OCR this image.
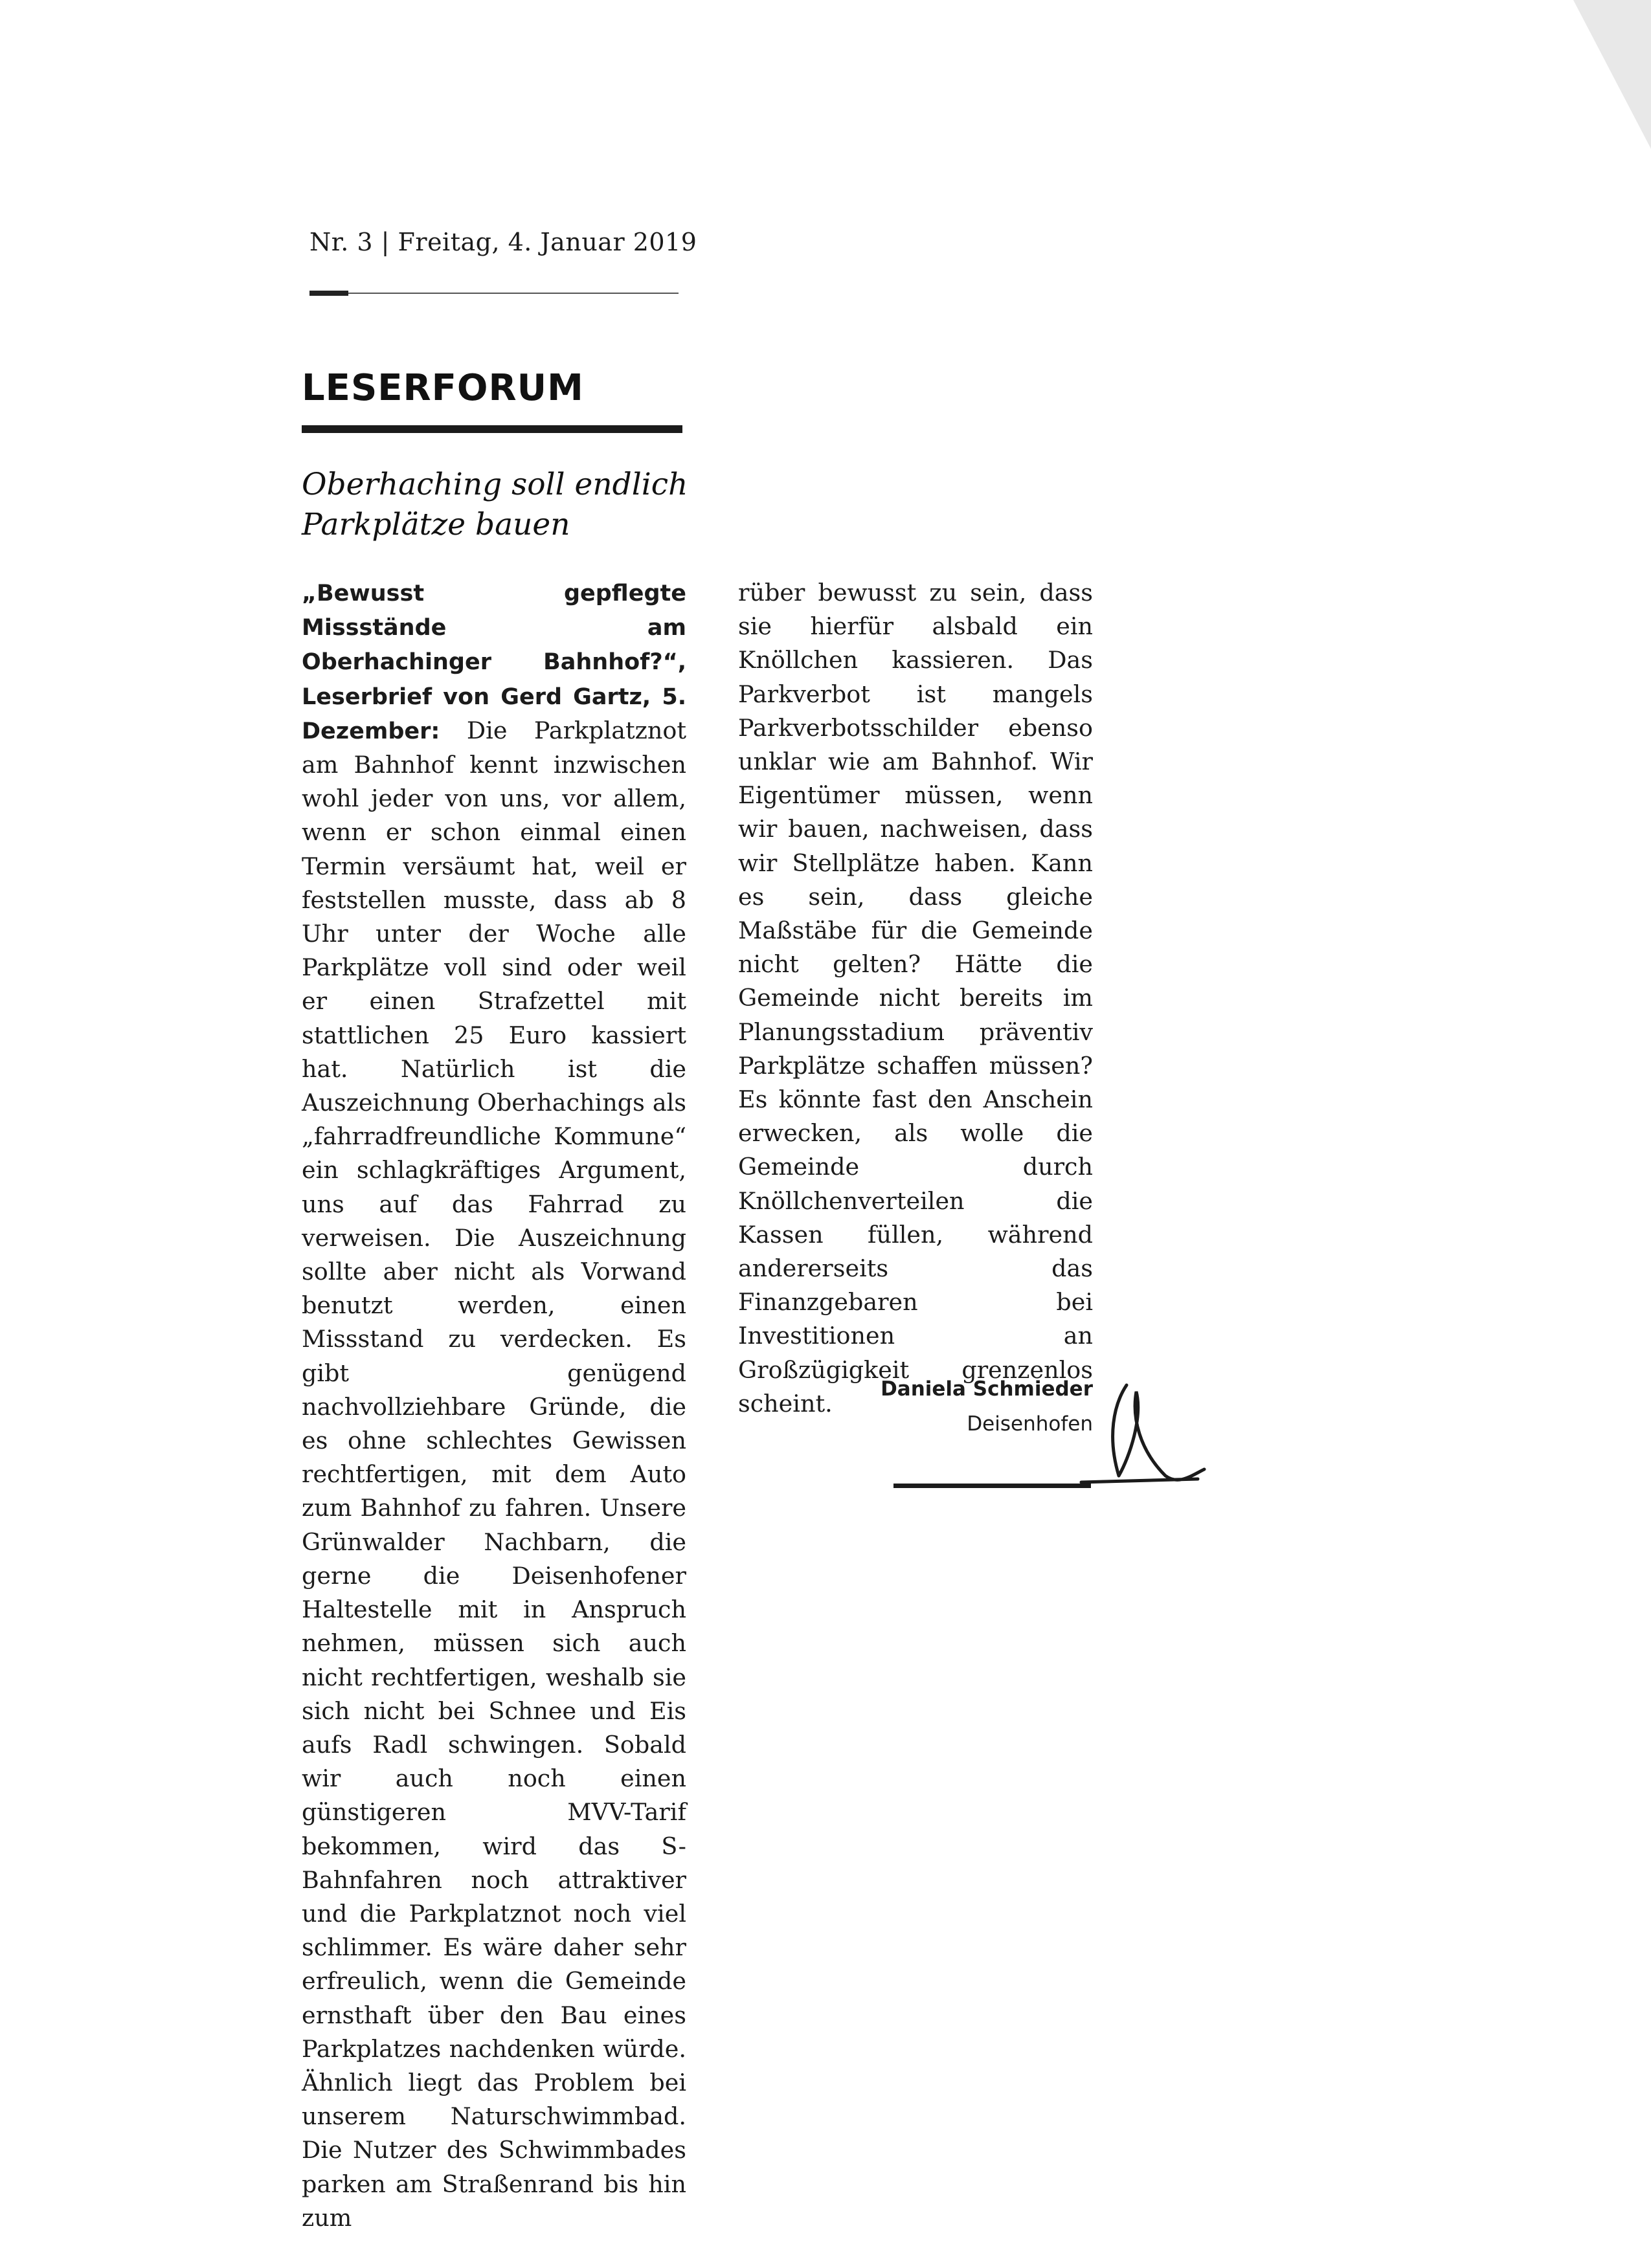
Nr. 3 | Freitag, 4. Januar 2019
LESERFORUM
Oberhaching soll endlich Parkplätze bauen
„Bewusst gepflegte Missstände am Oberhachinger Bahnhof?“, Leserbrief von Gerd Gartz, 5. Dezember: Die Parkplatznot am Bahnhof kennt inzwischen wohl jeder von uns, vor allem, wenn er schon einmal einen Termin versäumt hat, weil er feststellen musste, dass ab 8 Uhr unter der Woche alle Parkplätze voll sind oder weil er einen Strafzettel mit stattlichen 25 Euro kassiert hat. Natürlich ist die Auszeichnung Oberhachings als „fahrradfreundliche Kommune“ ein schlagkräftiges Argument, uns auf das Fahrrad zu verweisen. Die Auszeichnung sollte aber nicht als Vorwand benutzt werden, einen Missstand zu verdecken. Es gibt genügend nachvollziehbare Gründe, die es ohne schlechtes Gewissen rechtfertigen, mit dem Auto zum Bahnhof zu fahren. Unsere Grünwalder Nachbarn, die gerne die Deisenhofener Haltestelle mit in Anspruch nehmen, müssen sich auch nicht rechtfertigen, weshalb sie sich nicht bei Schnee und Eis aufs Radl schwingen. Sobald wir auch noch einen günstigeren MVV-Tarif bekommen, wird das S-Bahnfahren noch attraktiver und die Parkplatznot noch viel schlimmer. Es wäre daher sehr erfreulich, wenn die Gemeinde ernsthaft über den Bau eines Parkplatzes nachdenken würde. Ähnlich liegt das Problem bei unserem Naturschwimmbad. Die Nutzer des Schwimmbades parken am Straßenrand bis hin zum
rüber bewusst zu sein, dass sie hierfür alsbald ein Knöllchen kassieren. Das Parkverbot ist mangels Parkverbotsschilder ebenso unklar wie am Bahnhof. Wir Eigentümer müssen, wenn wir bauen, nachweisen, dass wir Stellplätze haben. Kann es sein, dass gleiche Maßstäbe für die Gemeinde nicht gelten? Hätte die Gemeinde nicht bereits im Planungsstadium präventiv Parkplätze schaffen müssen? Es könnte fast den Anschein erwecken, als wolle die Gemeinde durch Knöllchenverteilen die Kassen füllen, während andererseits das Finanzgebaren bei Investitionen an Großzügigkeit grenzenlos scheint.
Daniela Schmieder
Deisenhofen
